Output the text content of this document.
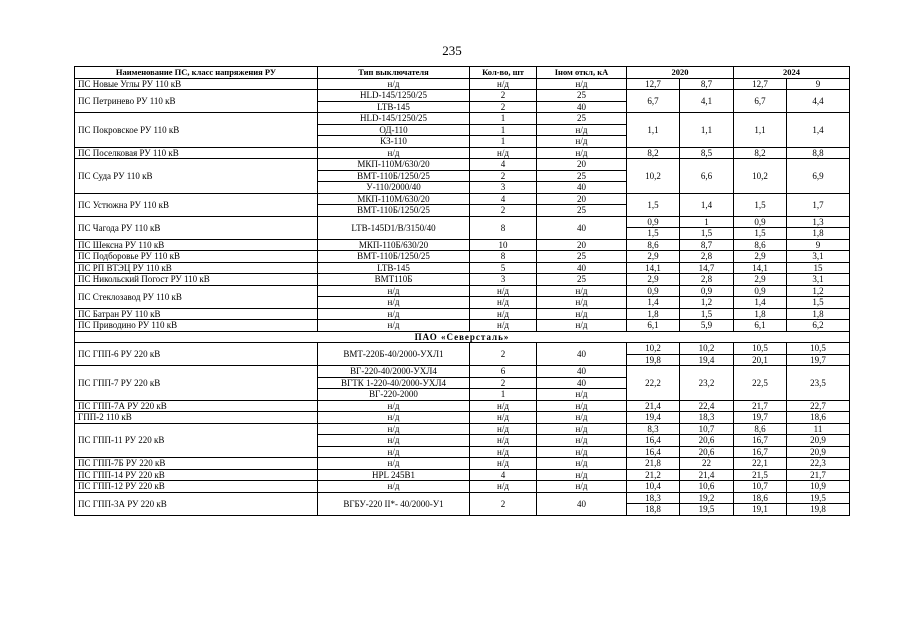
235
Наименование ПС, класс напряжения РУ	Тип выключателя	Кол-во, шт	Iном откл, кА	2020		2024	
ПС Новые Углы РУ 110 кВ	н/д	н/д	н/д	12,7	8,7	12,7	9
ПС Петринево РУ 110 кВ	HLD-145/1250/25	2	25	6,7	4,1	6,7	4,4
	LTB-145	2	40				
ПС Покровское РУ 110 кВ	HLD-145/1250/25	1	25	1,1	1,1	1,1	1,4
	ОД-110	1	н/д				
	КЗ-110	1	н/д				
ПС Поселковая РУ 110 кВ	н/д	н/д	н/д	8,2	8,5	8,2	8,8
ПС Суда РУ 110 кВ	МКП-110М/630/20	4	20	10,2	6,6	10,2	6,9
	ВМТ-110Б/1250/25	2	25				
	У-110/2000/40	3	40				
ПС Устюжна РУ 110 кВ	МКП-110М/630/20	4	20	1,5	1,4	1,5	1,7
	ВМТ-110Б/1250/25	2	25				
ПС Чагода РУ 110 кВ	LTB-145D1/B/3150/40	8	40	0,9	1	0,9	1,3
				1,5	1,5	1,5	1,8
ПС Шексна РУ 110 кВ	МКП-110Б/630/20	10	20	8,6	8,7	8,6	9
ПС Подборовье РУ 110 кВ	ВМТ-110Б/1250/25	8	25	2,9	2,8	2,9	3,1
ПС РП ВТЭЦ РУ 110 кВ	LTB-145	5	40	14,1	14,7	14,1	15
ПС Никольский Погост РУ 110 кВ	ВМТ110Б	3	25	2,9	2,8	2,9	3,1
ПС Стеклозавод РУ 110 кВ	н/д	н/д	н/д	0,9	0,9	0,9	1,2
	н/д	н/д	н/д	1,4	1,2	1,4	1,5
ПС Батран РУ 110 кВ	н/д	н/д	н/д	1,8	1,5	1,8	1,8
ПС Приводино РУ 110 кВ	н/д	н/д	н/д	6,1	5,9	6,1	6,2
ПАО «Северсталь»							
ПС ГПП-6 РУ 220 кВ	ВМТ-220Б-40/2000-УХЛ1	2	40	10,2	10,2	10,5	10,5
				19,8	19,4	20,1	19,7
ПС ГПП-7 РУ 220 кВ	ВГ-220-40/2000-УХЛ4	6	40	22,2	23,2	22,5	23,5
	ВГТК 1-220-40/2000-УХЛ4	2	40				
	ВГ-220-2000	1	н/д				
ПС ГПП-7А РУ 220 кВ	н/д	н/д	н/д	21,4	22,4	21,7	22,7
ГПП-2 110 кВ	н/д	н/д	н/д	19,4	18,3	19,7	18,6
ПС ГПП-11 РУ 220 кВ	н/д	н/д	н/д	8,3	10,7	8,6	11
	н/д	н/д	н/д	16,4	20,6	16,7	20,9
	н/д	н/д	н/д	16,4	20,6	16,7	20,9
ПС ГПП-7Б РУ 220 кВ	н/д	н/д	н/д	21,8	22	22,1	22,3
ПС ГПП-14 РУ 220 кВ	HPL 245B1	4	н/д	21,2	21,4	21,5	21,7
ПС ГПП-12 РУ 220 кВ	н/д	н/д	н/д	10,4	10,6	10,7	10,9
ПС ГПП-3А РУ 220 кВ	ВГБУ-220 II*- 40/2000-У1	2	40	18,3	19,2	18,6	19,5
				18,8	19,5	19,1	19,8
